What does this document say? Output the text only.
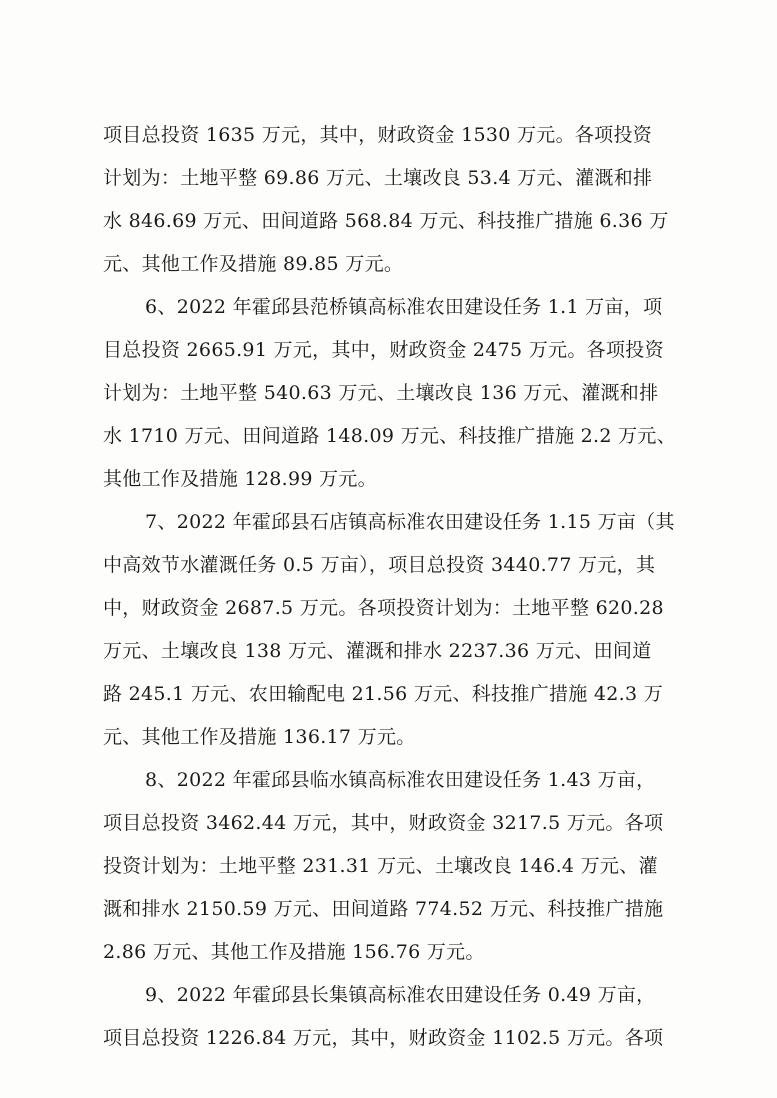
项目总投资 1635 万元，其中，财政资金 1530 万元。各项投资
计划为：土地平整 69.86 万元、土壤改良 53.4 万元、灌溉和排
水 846.69 万元、田间道路 568.84 万元、科技推广措施 6.36 万
元、其他工作及措施 89.85 万元。
6、2022 年霍邱县范桥镇高标准农田建设任务 1.1 万亩，项
目总投资 2665.91 万元，其中，财政资金 2475 万元。各项投资
计划为：土地平整 540.63 万元、土壤改良 136 万元、灌溉和排
水 1710 万元、田间道路 148.09 万元、科技推广措施 2.2 万元、
其他工作及措施 128.99 万元。
7、2022 年霍邱县石店镇高标准农田建设任务 1.15 万亩（其
中高效节水灌溉任务 0.5 万亩），项目总投资 3440.77 万元，其
中，财政资金 2687.5 万元。各项投资计划为：土地平整 620.28
万元、土壤改良 138 万元、灌溉和排水 2237.36 万元、田间道
路 245.1 万元、农田输配电 21.56 万元、科技推广措施 42.3 万
元、其他工作及措施 136.17 万元。
8、2022 年霍邱县临水镇高标准农田建设任务 1.43 万亩，
项目总投资 3462.44 万元，其中，财政资金 3217.5 万元。各项
投资计划为：土地平整 231.31 万元、土壤改良 146.4 万元、灌
溉和排水 2150.59 万元、田间道路 774.52 万元、科技推广措施
2.86 万元、其他工作及措施 156.76 万元。
9、2022 年霍邱县长集镇高标准农田建设任务 0.49 万亩，
项目总投资 1226.84 万元，其中，财政资金 1102.5 万元。各项
